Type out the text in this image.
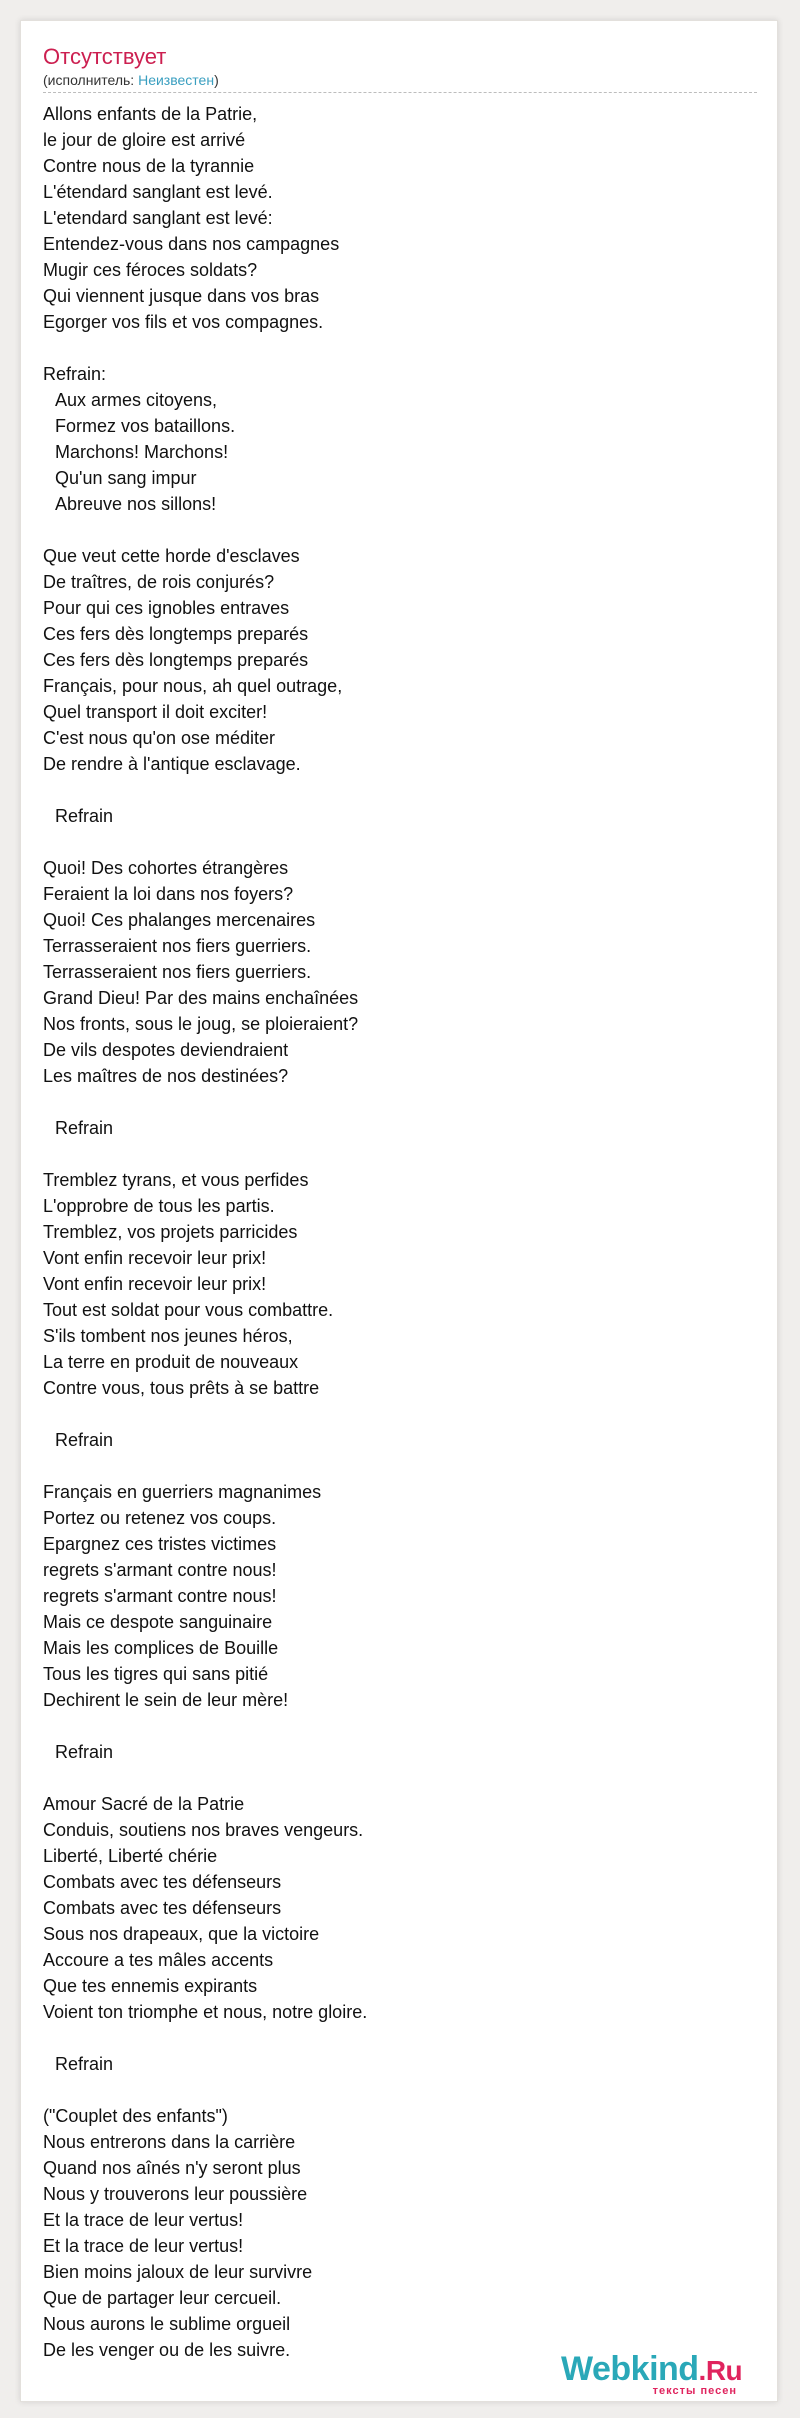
Отсутствует
(исполнитель: Неизвестен)
Allons enfants de la Patrie,
le jour de gloire est arrivé
Contre nous de la tyrannie
L'étendard sanglant est levé.
L'etendard sanglant est levé:
Entendez-vous dans nos campagnes
Mugir ces féroces soldats?
Qui viennent jusque dans vos bras
Egorger vos fils et vos compagnes.
Refrain:
Aux armes citoyens,
Formez vos bataillons.
Marchons! Marchons!
Qu'un sang impur
Abreuve nos sillons!
Que veut cette horde d'esclaves
De traîtres, de rois conjurés?
Pour qui ces ignobles entraves
Ces fers dès longtemps preparés
Ces fers dès longtemps preparés
Français, pour nous, ah quel outrage,
Quel transport il doit exciter!
C'est nous qu'on ose méditer
De rendre à l'antique esclavage.
Refrain
Quoi! Des cohortes étrangères
Feraient la loi dans nos foyers?
Quoi! Ces phalanges mercenaires
Terrasseraient nos fiers guerriers.
Terrasseraient nos fiers guerriers.
Grand Dieu! Par des mains enchaînées
Nos fronts, sous le joug, se ploieraient?
De vils despotes deviendraient
Les maîtres de nos destinées?
Refrain
Tremblez tyrans, et vous perfides
L'opprobre de tous les partis.
Tremblez, vos projets parricides
Vont enfin recevoir leur prix!
Vont enfin recevoir leur prix!
Tout est soldat pour vous combattre.
S'ils tombent nos jeunes héros,
La terre en produit de nouveaux
Contre vous, tous prêts à se battre
Refrain
Français en guerriers magnanimes
Portez ou retenez vos coups.
Epargnez ces tristes victimes
regrets s'armant contre nous!
regrets s'armant contre nous!
Mais ce despote sanguinaire
Mais les complices de Bouille
Tous les tigres qui sans pitié
Dechirent le sein de leur mère!
Refrain
Amour Sacré de la Patrie
Conduis, soutiens nos braves vengeurs.
Liberté, Liberté chérie
Combats avec tes défenseurs
Combats avec tes défenseurs
Sous nos drapeaux, que la victoire
Accoure a tes mâles accents
Que tes ennemis expirants
Voient ton triomphe et nous, notre gloire.
Refrain
("Couplet des enfants")
Nous entrerons dans la carrière
Quand nos aînés n'y seront plus
Nous y trouverons leur poussière
Et la trace de leur vertus!
Et la trace de leur vertus!
Bien moins jaloux de leur survivre
Que de partager leur cercueil.
Nous aurons le sublime orgueil
De les venger ou de les suivre.	Webkind.Ru
тексты песен
